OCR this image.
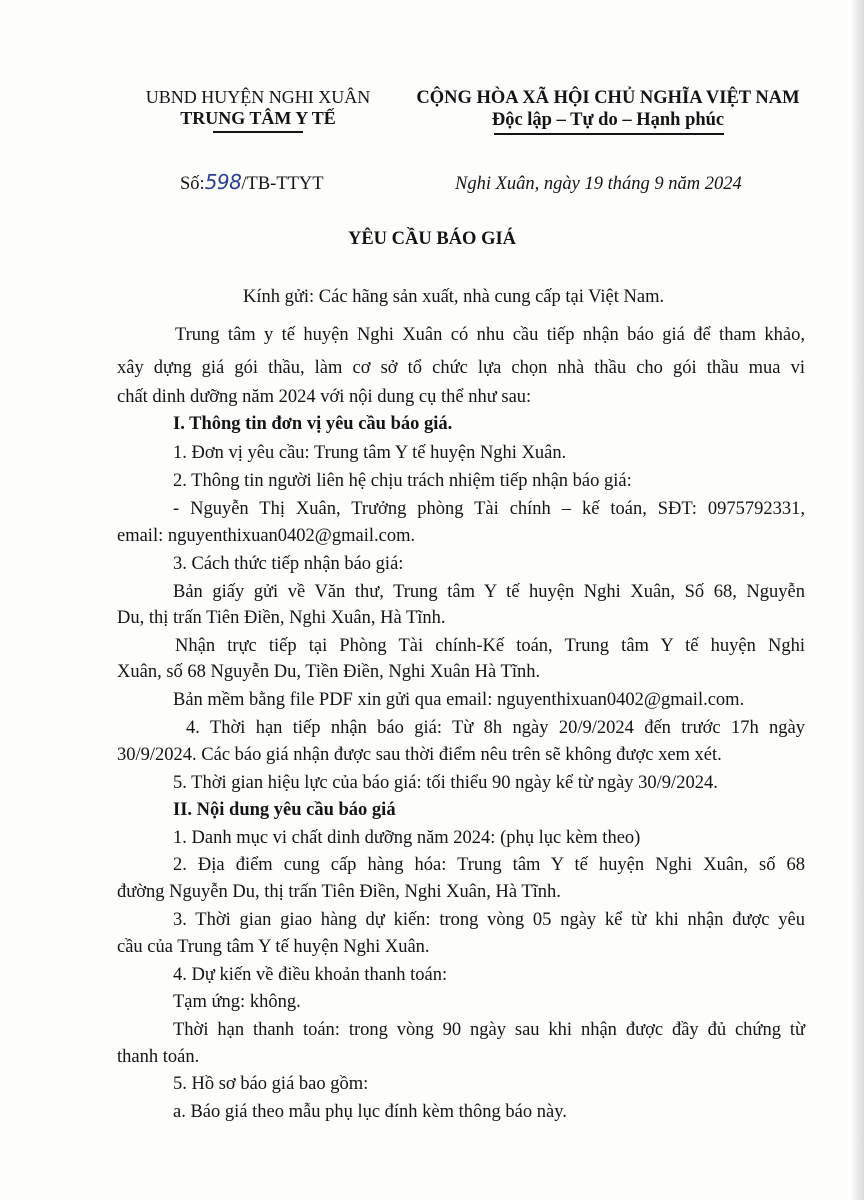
UBND HUYỆN NGHI XUÂN
TRUNG TÂM Y TẾ
CỘNG HÒA XÃ HỘI CHỦ NGHĨA VIỆT NAM
Độc lập – Tự do – Hạnh phúc
Số:598/TB-TTYT	Nghi Xuân, ngày 19 tháng 9 năm 2024
YÊU CẦU BÁO GIÁ
Kính gửi: Các hãng sản xuất, nhà cung cấp tại Việt Nam.
Trung tâm y tế huyện Nghi Xuân có nhu cầu tiếp nhận báo giá để tham khảo,
xây dựng giá gói thầu, làm cơ sở tổ chức lựa chọn nhà thầu cho gói thầu mua vi
chất dinh dưỡng năm 2024 với nội dung cụ thể như sau:
I. Thông tin đơn vị yêu cầu báo giá.
1. Đơn vị yêu cầu: Trung tâm Y tế huyện Nghi Xuân.
2. Thông tin người liên hệ chịu trách nhiệm tiếp nhận báo giá:
- Nguyễn Thị Xuân, Trưởng phòng Tài chính – kế toán, SĐT: 0975792331,
email: nguyenthixuan0402@gmail.com.
3. Cách thức tiếp nhận báo giá:
Bản giấy gửi về Văn thư, Trung tâm Y tế huyện Nghi Xuân, Số 68, Nguyễn
Du, thị trấn Tiên Điền, Nghi Xuân, Hà Tĩnh.
Nhận trực tiếp tại Phòng Tài chính-Kế toán, Trung tâm Y tế huyện Nghi
Xuân, số 68 Nguyễn Du, Tiền Điền, Nghi Xuân Hà Tĩnh.
Bản mềm bằng file PDF xin gửi qua email: nguyenthixuan0402@gmail.com.
4. Thời hạn tiếp nhận báo giá: Từ 8h ngày 20/9/2024 đến trước 17h ngày
30/9/2024. Các báo giá nhận được sau thời điểm nêu trên sẽ không được xem xét.
5. Thời gian hiệu lực của báo giá: tối thiểu 90 ngày kể từ ngày 30/9/2024.
II. Nội dung yêu cầu báo giá
1. Danh mục vi chất dinh dưỡng năm 2024: (phụ lục kèm theo)
2. Địa điểm cung cấp hàng hóa: Trung tâm Y tế huyện Nghi Xuân, số 68
đường Nguyễn Du, thị trấn Tiên Điền, Nghi Xuân, Hà Tĩnh.
3. Thời gian giao hàng dự kiến: trong vòng 05 ngày kể từ khi nhận được yêu
cầu của Trung tâm Y tế huyện Nghi Xuân.
4. Dự kiến về điều khoản thanh toán:
Tạm ứng: không.
Thời hạn thanh toán: trong vòng 90 ngày sau khi nhận được đầy đủ chứng từ
thanh toán.
5. Hồ sơ báo giá bao gồm:
a. Báo giá theo mẫu phụ lục đính kèm thông báo này.
